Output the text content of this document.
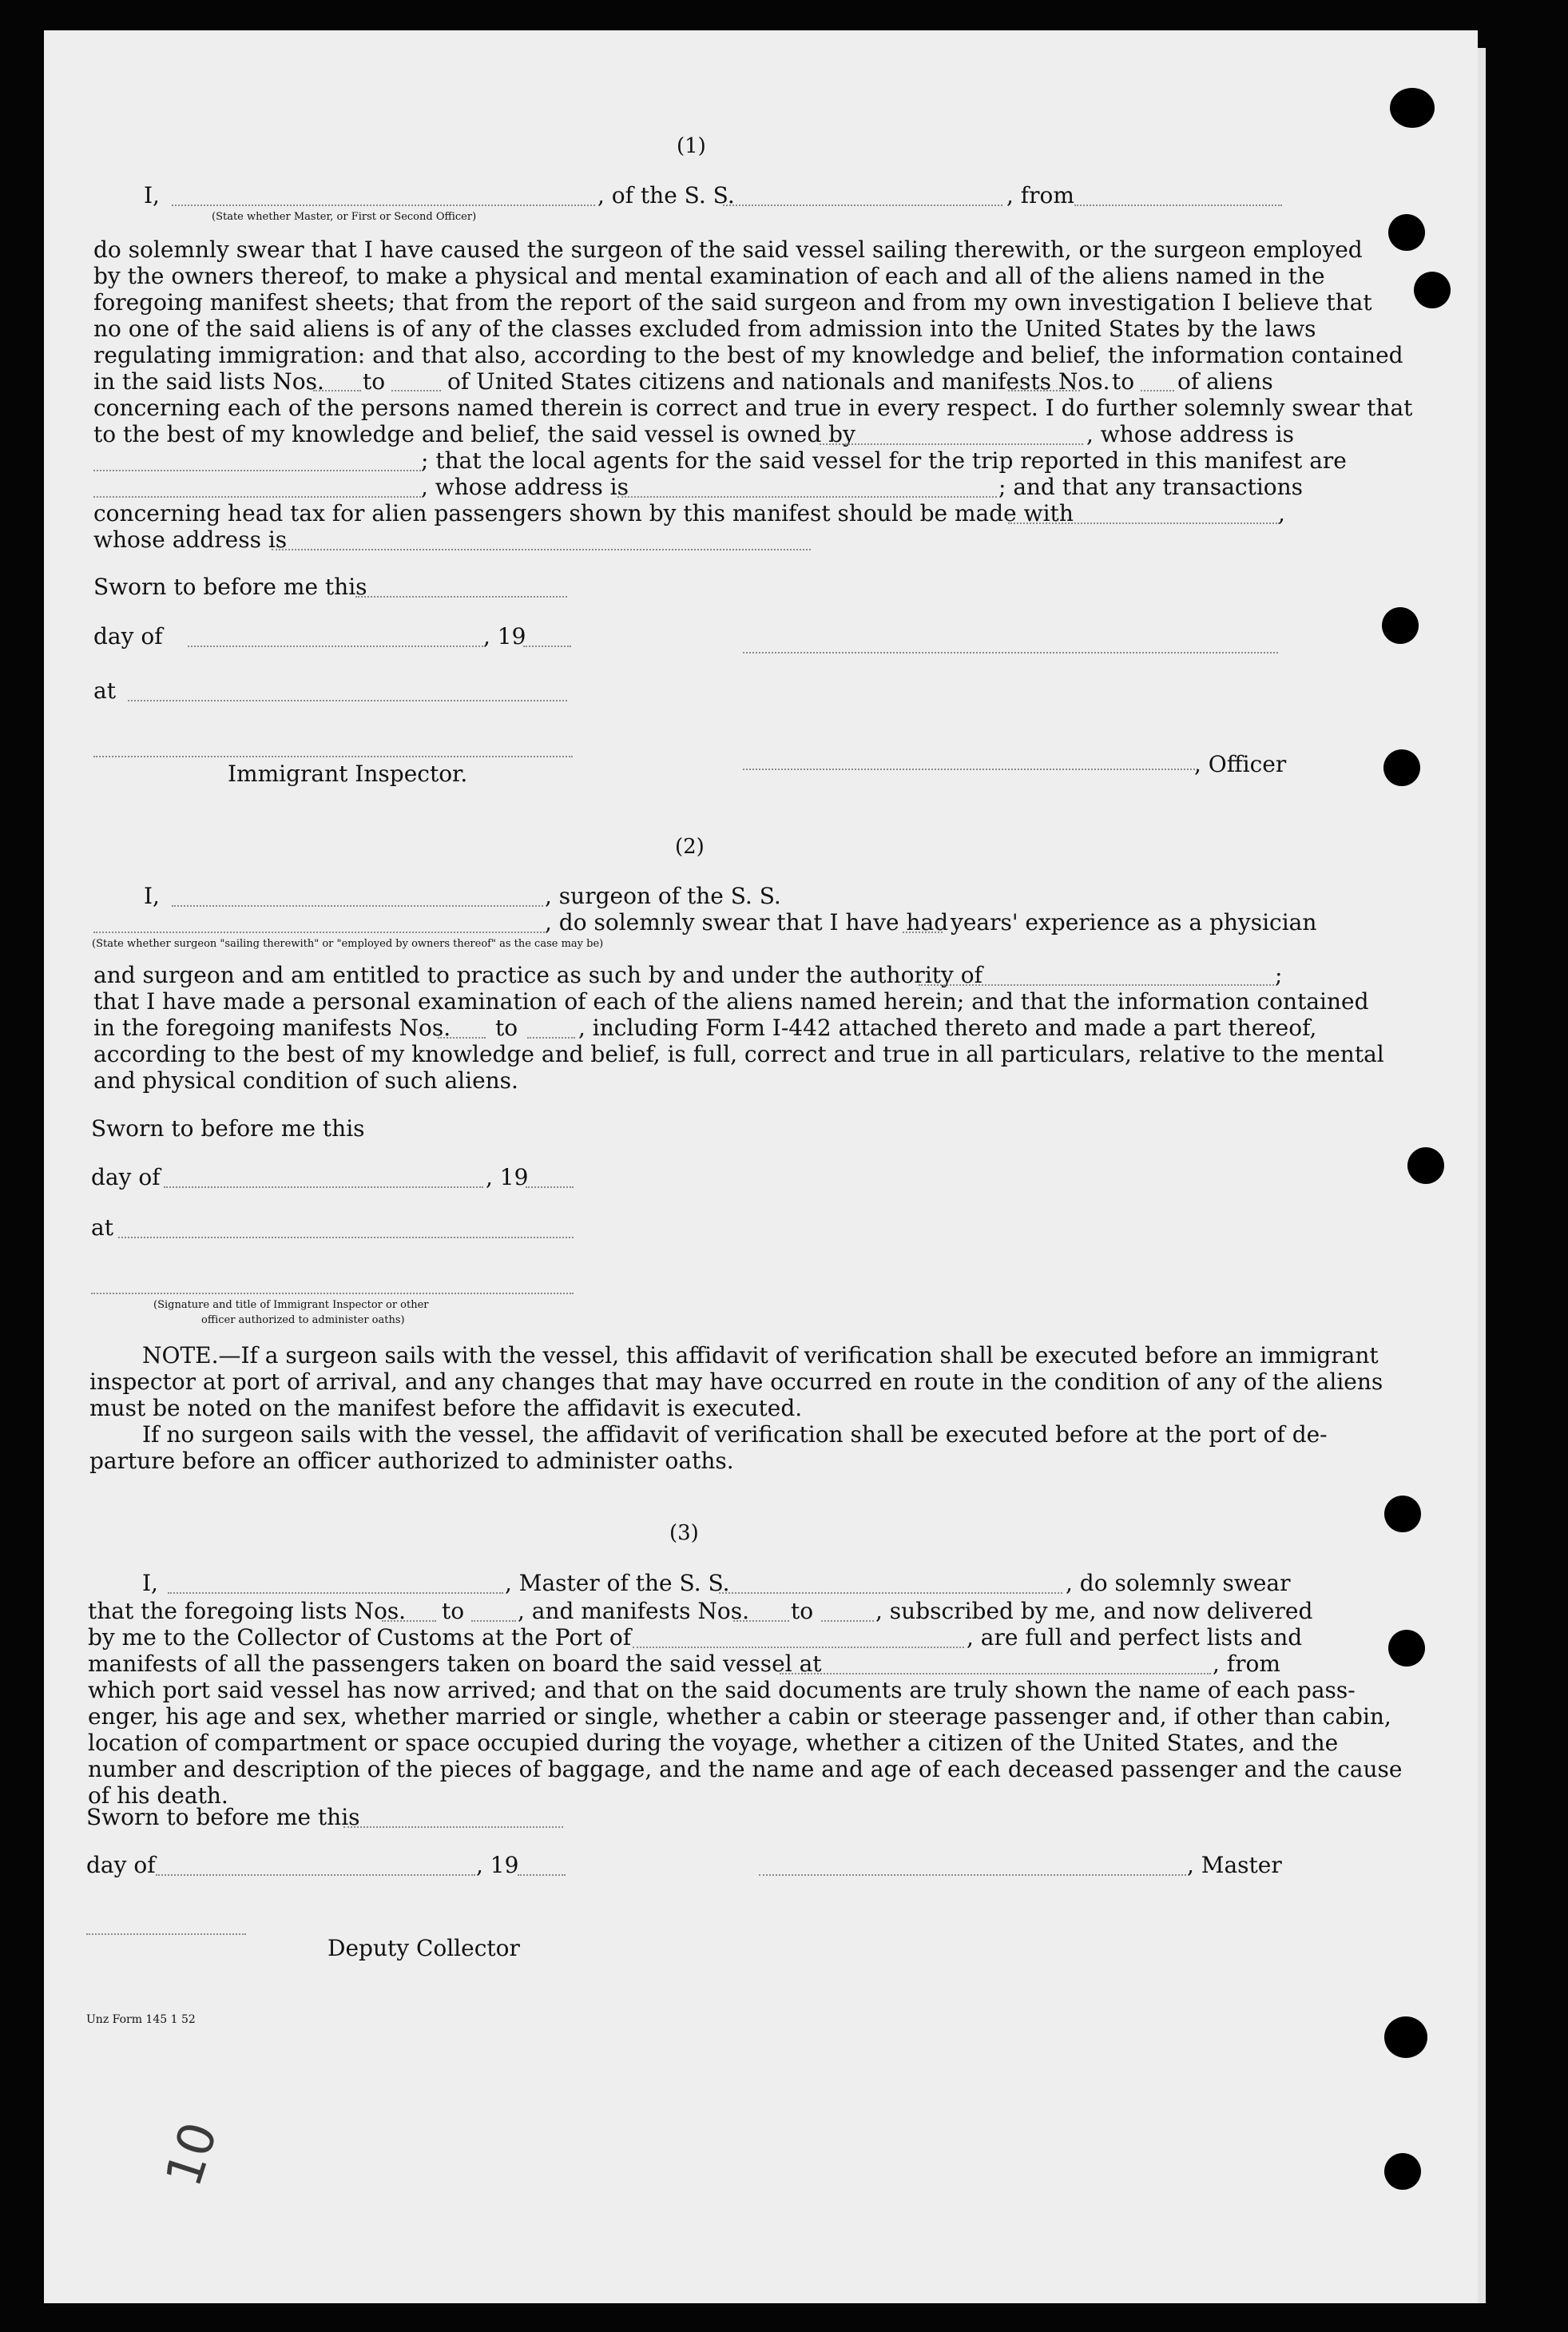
(1)
I,	, of the S. S.	, from
(State whether Master, or First or Second Officer)
do solemnly swear that I have caused the surgeon of the said vessel sailing therewith, or the surgeon employed
by the owners thereof, to make a physical and mental examination of each and all of the aliens named in the
foregoing manifest sheets; that from the report of the said surgeon and from my own investigation I believe that
no one of the said aliens is of any of the classes excluded from admission into the United States by the laws
regulating immigration: and that also, according to the best of my knowledge and belief, the information contained
in the said lists Nos. to	of United States citizens and nationals and manifests Nos. to of aliens
concerning each of the persons named therein is correct and true in every respect. I do further solemnly swear that
to the best of my knowledge and belief, the said vessel is owned by	, whose address is
; that the local agents for the said vessel for the trip reported in this manifest are
, whose address is	; and that any transactions
concerning head tax for alien passengers shown by this manifest should be made with	,
whose address is
Sworn to before me this
day of	, 19
at
Immigrant Inspector.	, Officer
(2)
I,	, surgeon of the S. S.
, do solemnly swear that I have had years' experience as a physician
(State whether surgeon "sailing therewith" or "employed by owners thereof" as the case may be)
and surgeon and am entitled to practice as such by and under the authority of	;
that I have made a personal examination of each of the aliens named herein; and that the information contained
in the foregoing manifests Nos. to	, including Form I-442 attached thereto and made a part thereof,
according to the best of my knowledge and belief, is full, correct and true in all particulars, relative to the mental
and physical condition of such aliens.
Sworn to before me this
day of	, 19
at
(Signature and title of Immigrant Inspector or other
officer authorized to administer oaths)
NOTE.—If a surgeon sails with the vessel, this affidavit of verification shall be executed before an immigrant
inspector at port of arrival, and any changes that may have occurred en route in the condition of any of the aliens
must be noted on the manifest before the affidavit is executed.
If no surgeon sails with the vessel, the affidavit of verification shall be executed before at the port of de-
parture before an officer authorized to administer oaths.
(3)
I,	, Master of the S. S.	, do solemnly swear
that the foregoing lists Nos. to , and manifests Nos. to	, subscribed by me, and now delivered
by me to the Collector of Customs at the Port of	, are full and perfect lists and
manifests of all the passengers taken on board the said vessel at	, from
which port said vessel has now arrived; and that on the said documents are truly shown the name of each pass-
enger, his age and sex, whether married or single, whether a cabin or steerage passenger and, if other than cabin,
location of compartment or space occupied during the voyage, whether a citizen of the United States, and the
number and description of the pieces of baggage, and the name and age of each deceased passenger and the cause
of his death.
Sworn to before me this
day of	, 19	, Master
Deputy Collector
Unz Form 145 1 52
10
